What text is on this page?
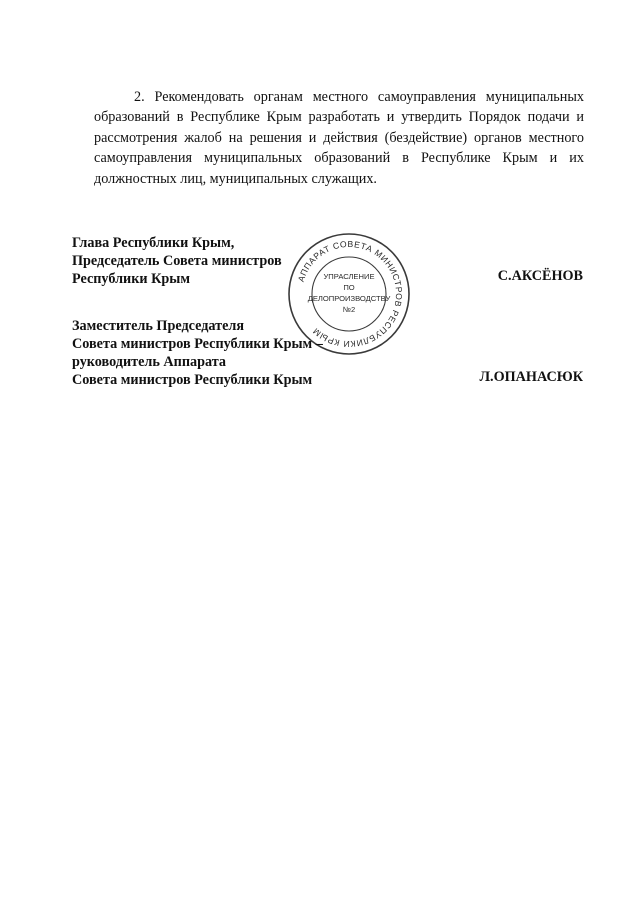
2. Рекомендовать органам местного самоуправления муниципальных образований в Республике Крым разработать и утвердить Порядок подачи и рассмотрения жалоб на решения и действия (бездействие) органов местного самоуправления муниципальных образований в Республике Крым и их должностных лиц, муниципальных служащих.
Глава Республики Крым,
Председатель Совета министров
Республики Крым	С.АКСЁНОВ
АППАРАТ СОВЕТА МИНИСТРОВ РЕСПУБЛИКИ КРЫМ
УПРАСЛЕНИЕ
ПО
ДЕЛОПРОИЗВОДСТВУ
№2
Заместитель Председателя
Совета министров Республики Крым –
руководитель Аппарата
Совета министров Республики Крым	Л.ОПАНАСЮК
